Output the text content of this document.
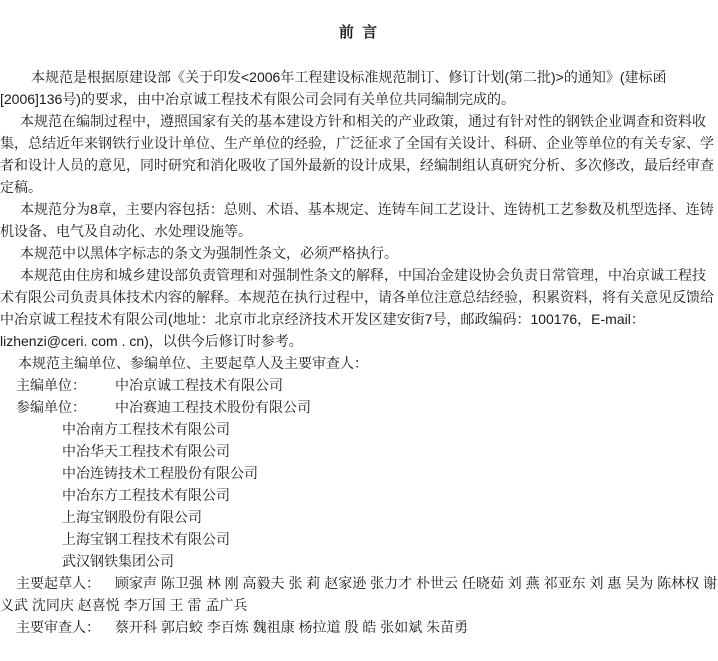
前 言

本规范是根据原建设部《关于印发<2006年工程建设标准规范制订、修订计划(第二批)>的通知》(建标函[2006]136号)的要求，由中冶京诚工程技术有限公司会同有关单位共同编制完成的。

本规范在编制过程中，遵照国家有关的基本建设方针和相关的产业政策，通过有针对性的钢铁企业调查和资料收集，总结近年来钢铁行业设计单位、生产单位的经验，广泛征求了全国有关设计、科研、企业等单位的有关专家、学者和设计人员的意见，同时研究和消化吸收了国外最新的设计成果，经编制组认真研究分析、多次修改，最后经审查定稿。

本规范分为8章，主要内容包括：总则、术语、基本规定、连铸车间工艺设计、连铸机工艺参数及机型选择、连铸机设备、电气及自动化、水处理设施等。

本规范中以黑体字标志的条文为强制性条文，必须严格执行。

本规范由住房和城乡建设部负责管理和对强制性条文的解释，中国冶金建设协会负责日常管理，中冶京诚工程技术有限公司负责具体技术内容的解释。本规范在执行过程中，请各单位注意总结经验，积累资料，将有关意见反馈给中冶京诚工程技术有限公司(地址：北京市北京经济技术开发区建安街7号，邮政编码：100176，E-mail：lizhenzi@ceri. com . cn)，以供今后修订时参考。

本规范主编单位、参编单位、主要起草人及主要审查人：

主编单位： 中冶京诚工程技术有限公司

参编单位： 中冶赛迪工程技术股份有限公司

中冶南方工程技术有限公司

中冶华天工程技术有限公司

中冶连铸技术工程股份有限公司

中冶东方工程技术有限公司

上海宝钢股份有限公司

上海宝钢工程技术有限公司

武汉钢铁集团公司

主要起草人： 顾家声 陈卫强 林 刚 高毅夫 张 莉 赵家逊 张力才 朴世云 任晓茹 刘 燕 祁亚东 刘 惠 吴为 陈林权 谢义武 沈同庆 赵喜悦 李万国 王 雷 孟广兵

主要审查人： 蔡开科 郭启蛟 李百炼 魏祖康 杨拉道 殷 皓 张如斌 朱苗勇
